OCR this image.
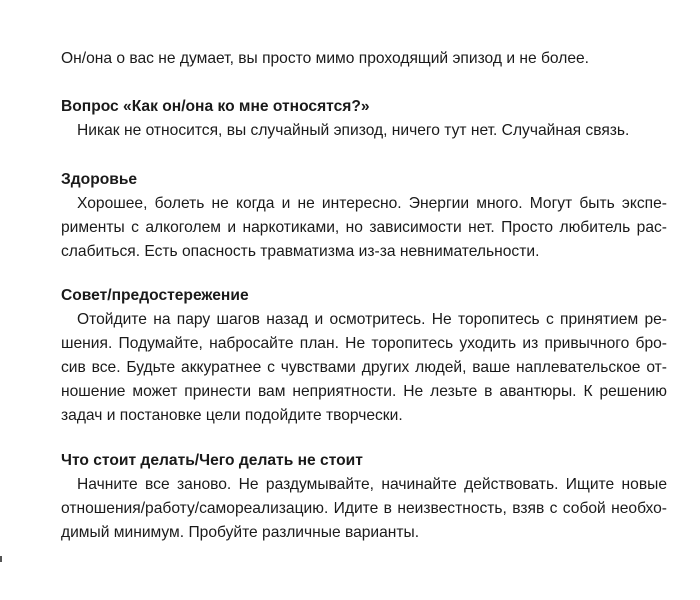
Он/она о вас не думает, вы просто мимо проходящий эпизод и не более.
Вопрос «Как он/она ко мне относятся?»
Никак не относится, вы случайный эпизод, ничего тут нет. Случайная связь.
Здоровье
Хорошее, болеть не когда и не интересно. Энергии много. Могут быть экспе-
рименты с алкоголем и наркотиками, но зависимости нет. Просто любитель рас-
слабиться. Есть опасность травматизма из-за невнимательности.
Совет/предостережение
Отойдите на пару шагов назад и осмотритесь. Не торопитесь с принятием ре-
шения. Подумайте, набросайте план. Не торопитесь уходить из привычного бро-
сив все. Будьте аккуратнее с чувствами других людей, ваше наплевательское от-
ношение может принести вам неприятности. Не лезьте в авантюры. К решению
задач и постановке цели подойдите творчески.
Что стоит делать/Чего делать не стоит
Начните все заново. Не раздумывайте, начинайте действовать. Ищите новые
отношения/работу/самореализацию. Идите в неизвестность, взяв с собой необхо-
димый минимум. Пробуйте различные варианты.
